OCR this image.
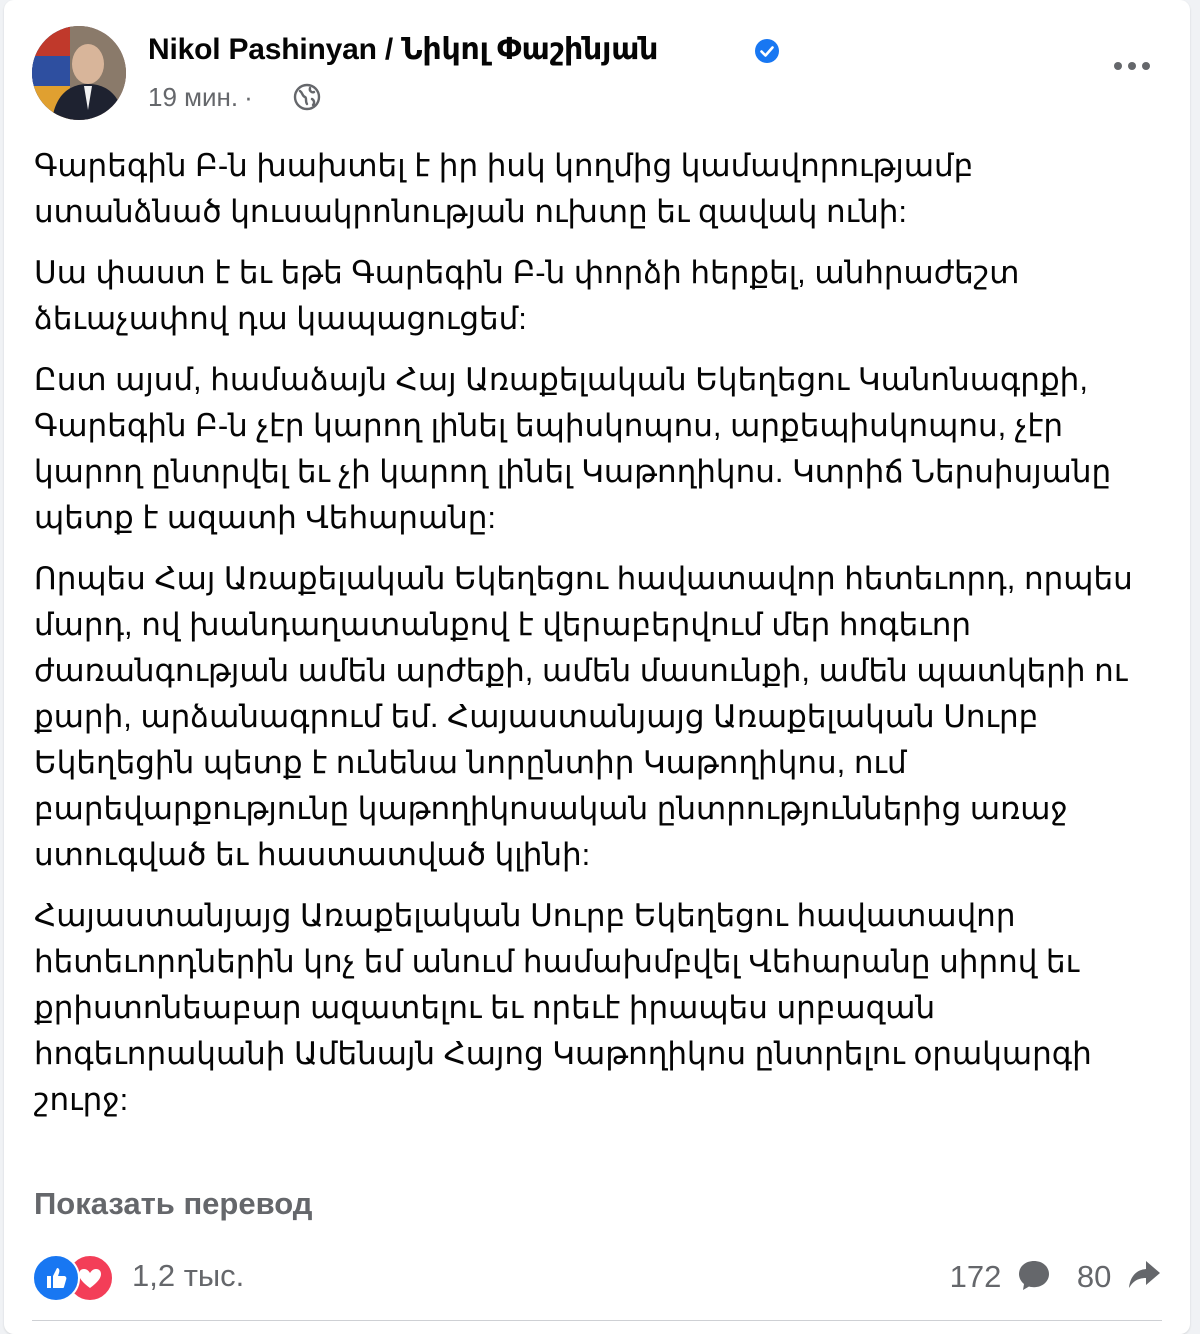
Nikol Pashinyan / Նիկոլ Փաշինյան
19 мин. ·

Գարեգին Բ-ն խախտել է իր իսկ կողմից կամավորությամբ ստանձնած կուսակրոնության ուխտը եւ զավակ ունի:

Սա փաստ է եւ եթե Գարեգին Բ-ն փորձի հերքել, անհրաժեշտ ձեւաչափով դա կապացուցեմ:

Ըստ այսմ, համաձայն Հայ Առաքելական Եկեղեցու Կանոնագրքի, Գարեգին Բ-ն չէր կարող լինել եպիսկոպոս, արքեպիսկոպոս, չէր կարող ընտրվել եւ չի կարող լինել Կաթողիկոս. Կտրիճ Ներսիսյանը պետք է ազատի Վեհարանը:

Որպես Հայ Առաքելական Եկեղեցու հավատավոր հետեւորդ, որպես մարդ, ով խանդաղատանքով է վերաբերվում մեր հոգեւոր ժառանգության ամեն արժեքի, ամեն մասունքի, ամեն պատկերի ու քարի, արձանագրում եմ. Հայաստանյայց Առաքելական Սուրբ Եկեղեցին պետք է ունենա նորընտիր Կաթողիկոս, ում բարեվարքությունը կաթողիկոսական ընտրություններից առաջ ստուգված եւ հաստատված կլինի:

Հայաստանյայց Առաքելական Սուրբ Եկեղեցու հավատավոր հետեւորդներին կոչ եմ անում համախմբվել Վեհարանը սիրով եւ քրիստոնեաբար ազատելու եւ որեւէ իրապես սրբազան հոգեւորականի Ամենայն Հայոց Կաթողիկոս ընտրելու օրակարգի շուրջ:

Показать перевод
1,2 тыс.	172	80
